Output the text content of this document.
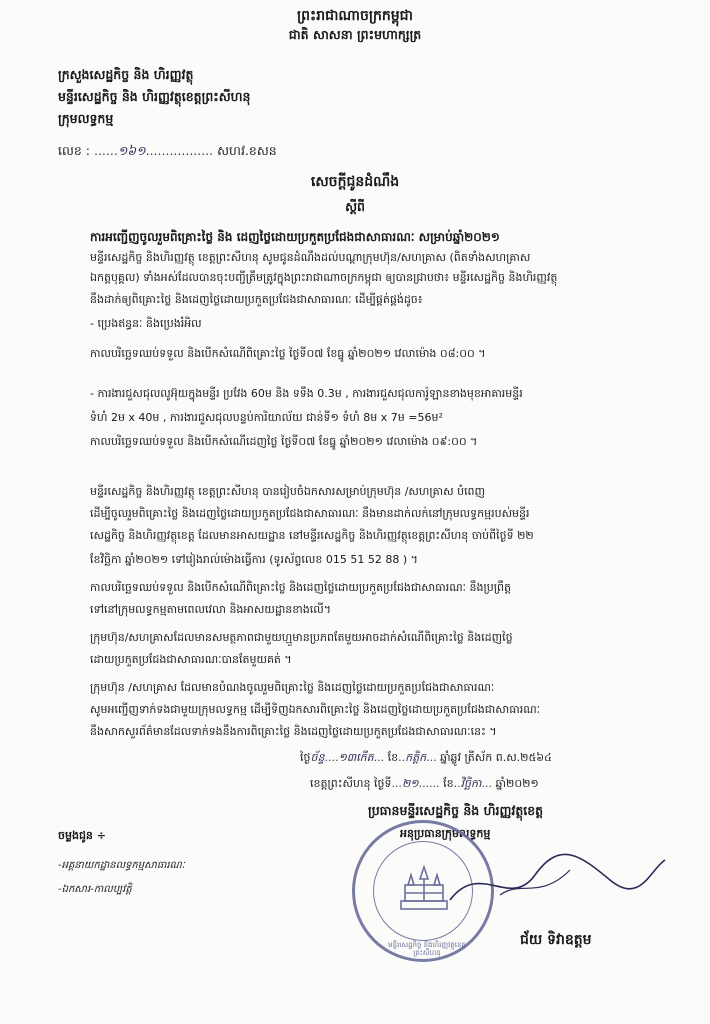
ព្រះរាជាណាចក្រកម្ពុជា
ជាតិ សាសនា ព្រះមហាក្សត្រ
ក្រសួងសេដ្ឋកិច្ច និង ហិរញ្ញវត្ថុ
មន្ទីរសេដ្ឋកិច្ច និង ហិរញ្ញវត្ថុខេត្តព្រះសីហនុ
ក្រុមលទ្ធកម្ម
លេខ : ......១៦១................. សហវ.ខសន
សេចក្តីជូនដំណឹង
ស្តីពី
ការអញ្ជើញចូលរួមពិគ្រោះថ្លៃ និង ដេញថ្លៃដោយប្រកួតប្រជែងជាសាធារណៈ សម្រាប់ឆ្នាំ២០២១
មន្ទីរសេដ្ឋកិច្ច និងហិរញ្ញវត្ថុ ខេត្តព្រះសីហនុ សូមជូនដំណឹងដល់បណ្តាក្រុមហ៊ុន/សហគ្រាស (ពិតទាំងសហគ្រាស
ឯកត្តបុគ្គល) ទាំងអស់ដែលបានចុះបញ្ជីត្រឹមត្រូវក្នុងព្រះរាជាណាចក្រកម្ពុជា ឲ្យបានជ្រាបថា៖ មន្ទីរសេដ្ឋកិច្ច និងហិរញ្ញវត្ថុ
នឹងដាក់ឲ្យពិគ្រោះថ្លៃ និងដេញថ្លៃដោយប្រកួតប្រជែងជាសាធារណៈ ដើម្បីផ្គត់ផ្គង់ដូច៖
- ប្រេងឥន្ធនៈ និងប្រេងរំអិល
កាលបរិច្ឆេទឈប់ទទួល និងបើកសំណើពិគ្រោះថ្លៃ ថ្ងៃទី០៧ ខែធ្នូ ឆ្នាំ២០២១ វេលាម៉ោង ០៨:០០ ។
- ការងារជួសជុលលូអ៊ុយក្នុងមន្ទីរ ប្រវែង 60ម និង ទទឹង 0.3ម , ការងារជួសជុលការ៉ូឡានខាងមុខអាគារមន្ទីរ
ទំហំ 2ម x 40ម , ការងារជួសជុលបន្ទប់ការិយាល័យ ជាន់ទី១ ទំហំ 8ម x 7ម =56ម²
កាលបរិច្ឆេទឈប់ទទួល និងបើកសំណើដេញថ្លៃ ថ្ងៃទី០៧ ខែធ្នូ ឆ្នាំ២០២១ វេលាម៉ោង ០៩:០០ ។
មន្ទីរសេដ្ឋកិច្ច និងហិរញ្ញវត្ថុ ខេត្តព្រះសីហនុ បានរៀបចំឯកសារសម្រាប់ក្រុមហ៊ុន /សហគ្រាស បំពេញ
ដើម្បីចូលរួមពិគ្រោះថ្លៃ និងដេញថ្លៃដោយប្រកួតប្រជែងជាសាធារណៈ នឹងមានដាក់លក់នៅក្រុមលទ្ធកម្មរបស់មន្ទីរ
សេដ្ឋកិច្ច និងហិរញ្ញវត្ថុខេត្ត ដែលមានអាសយដ្ឋាន នៅមន្ទីរសេដ្ឋកិច្ច និងហិរញ្ញវត្ថុខេត្តព្រះសីហនុ ចាប់ពីថ្ងៃទី ២២
ខែវិច្ឆិកា ឆ្នាំ២០២១ ទៅរៀងរាល់ម៉ោងធ្វើការ (ទូរស័ព្ទលេខ 015 51 52 88 ) ។
កាលបរិច្ឆេទឈប់ទទួល និងបើកសំណើពិគ្រោះថ្លៃ និងដេញថ្លៃដោយប្រកួតប្រជែងជាសាធារណៈ នឹងប្រព្រឹត្ត
ទៅនៅក្រុមលទ្ធកម្មតាមពេលវេលា និងអាសយដ្ឋានខាងលើ។
ក្រុមហ៊ុន/សហគ្រាសដែលមានសមត្ថភាពជាមួយហ្មួមានប្រភពតែមួយអាចដាក់សំណើពិគ្រោះថ្លៃ និងដេញថ្លៃ
ដោយប្រកួតប្រជែងជាសាធារណៈបានតែមួយគត់ ។
ក្រុមហ៊ុន /សហគ្រាស ដែលមានបំណងចូលរួមពិគ្រោះថ្លៃ និងដេញថ្លៃដោយប្រកួតប្រជែងជាសាធារណៈ
សូមអញ្ជើញទាក់ទងជាមួយក្រុមលទ្ធកម្ម ដើម្បីទិញឯកសារពិគ្រោះថ្លៃ និងដេញថ្លៃដោយប្រកួតប្រជែងជាសាធារណៈ
នឹងសាកសួរព័ត៌មានដែលទាក់ទងនឹងការពិគ្រោះថ្លៃ និងដេញថ្លៃដោយប្រកួតប្រជែងជាសាធារណៈនេះ ។
ថ្ងៃច័ន្ទ....១៣កើត... ខែ..កត្តិក... ឆ្នាំឆ្លូវ ត្រីស័ក ព.ស.២៥៦៤
ខេត្តព្រះសីហនុ ថ្ងៃទី...២១...... ខែ..វិច្ឆិកា... ឆ្នាំ២០២១
ប្រធានមន្ទីរសេដ្ឋកិច្ច និង ហិរញ្ញវត្ថុខេត្ត
អនុប្រធានក្រុមលទ្ធកម្ម
មន្ទីរសេដ្ឋកិច្ច និងហិរញ្ញវត្ថុខេត្តព្រះសីហនុ
ជ័យ ទិវាឧត្តម
ចម្លងជូន ÷
-អគ្គនាយកដ្ឋានលទ្ធកម្មសាធារណៈ
-ឯកសារ-កាលប្បវត្តិ
